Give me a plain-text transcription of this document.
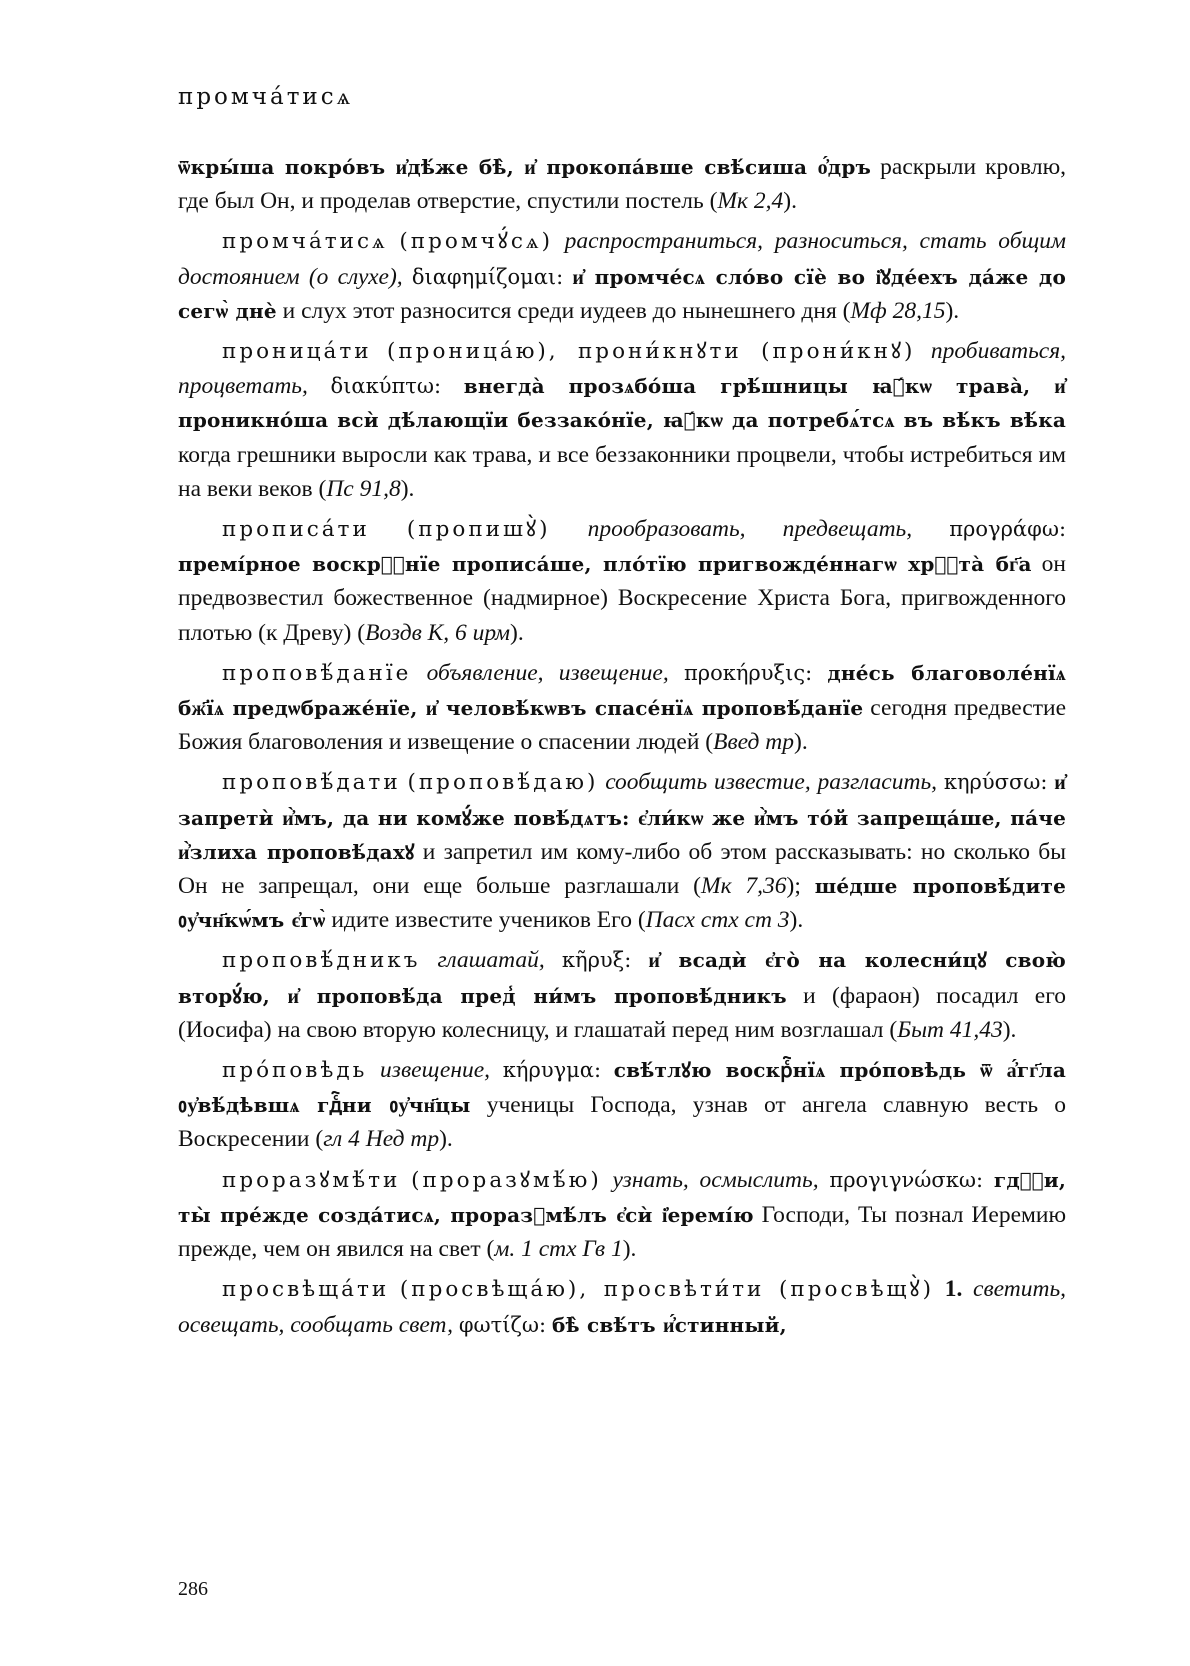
промча́тисѧ

ѿкры́ша покро́въ и҆дѣ́же бѣ̀, и҆ прокопа́вше свѣ́сиша о҆́дръ раскрыли кровлю, где был Он, и проделав отверстие, спустили постель (Мк 2,4).

промча́тисѧ (промчꙋ́сѧ) распространиться, разноситься, стать общим достоянием (о слухе), διαφημίζομαι: и҆ промче́сѧ сло́во сїѐ во і҆ꙋде́ехъ да́же до сегѡ̀ днѐ и слух этот разносится среди иудеев до нынешнего дня (Мф 28,15).

проница́ти (проница́ю), прони́кнꙋти (прони́кнꙋ) пробиваться, процветать, διακύπτω: внегда̀ прозѧбо́ша грѣ́шницы ꙗ҆́кѡ трава̀, и҆ проникно́ша всѝ дѣ́лающїи беззако́нїе, ꙗ҆́кѡ да потребѧ́тсѧ въ вѣ́къ вѣ́ка когда грешники выросли как трава, и все беззаконники процвели, чтобы истребиться им на веки веков (Пс 91,8).

прописа́ти (пропишꙋ̀) прообразовать, предвещать, προγράφω: премі́рное воскрⷭ҇нїе прописа́ше, пло́тїю пригвожде́ннагѡ хрⷭ҇та̀ бг҃а он предвозвестил божественное (надмирное) Воскресение Христа Бога, пригвожденного плотью (к Древу) (Воздв К, 6 ирм).

проповѣ́данїе объявление, извещение, προκήρυξις: дне́сь благоволе́нїѧ бж҃їѧ предѡбраже́нїе, и҆ человѣ́кѡвъ спасе́нїѧ проповѣ́данїе сегодня предвестие Божия благоволения и извещение о спасении людей (Введ тр).

проповѣ́дати (проповѣ́даю) сообщить известие, разгласить, κηρύσσω: и҆ запретѝ и҆̀мъ, да ни комꙋ́же повѣ́дѧтъ: є҆ли́кѡ же и҆̀мъ то́й запреща́ше, па́че и҆̀злиха проповѣ́дахꙋ и запретил им кому-либо об этом рассказывать: но сколько бы Он не запрещал, они еще больше разглашали (Мк 7,36); ше́дше проповѣ́дите ᲂу҆чн҃кѡ́мъ є҆гѡ̀ идите известите учеников Его (Пасх стх ст 3).

проповѣ́дникъ глашатай, κῆρυξ: и҆ всадѝ є҆го̀ на колесни́цꙋ свою̀ вторꙋ́ю, и҆ проповѣ́да пред̾ ни́мъ проповѣ́дникъ и (фараон) посадил его (Иосифа) на свою вторую колесницу, и глашатай перед ним возглашал (Быт 41,43).

про́повѣдь извещение, κήρυγμα: свѣ́тлꙋю воскрⷭ҇нїѧ про́повѣдь ѿ а҆́гг҃ла ᲂу҆вѣ́дѣвшѧ гдⷭ҇ни ᲂу҆чн҃цы ученицы Господа, узнав от ангела славную весть о Воскресении (гл 4 Нед тр).

проразꙋмѣ́ти (проразꙋмѣ́ю) узнать, осмыслить, προγιγνώσκω: гдⷭ҇и, ты̀ пре́жде созда́тисѧ, проразꙋмѣ́лъ є҆сѝ і҆еремі́ю Господи, Ты познал Иеремию прежде, чем он явился на свет (м. 1 стх Гв 1).

просвѣща́ти (просвѣща́ю), просвѣти́ти (просвѣщꙋ̀) 1. светить, освещать, сообщать свет, φωτίζω: бѣ̀ свѣ́тъ и҆́стинный,

286
